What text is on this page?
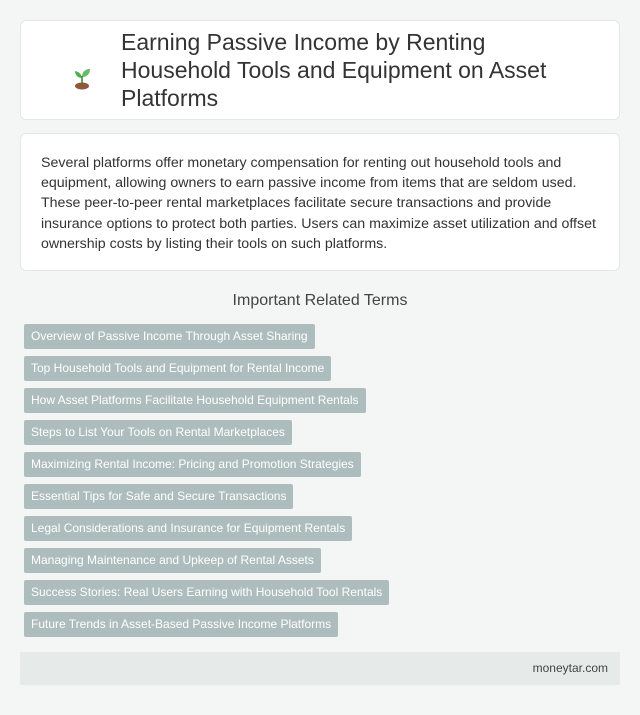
Earning Passive Income by Renting Household Tools and Equipment on Asset Platforms

Several platforms offer monetary compensation for renting out household tools and equipment, allowing owners to earn passive income from items that are seldom used. These peer-to-peer rental marketplaces facilitate secure transactions and provide insurance options to protect both parties. Users can maximize asset utilization and offset ownership costs by listing their tools on such platforms.

Important Related Terms
Overview of Passive Income Through Asset Sharing
Top Household Tools and Equipment for Rental Income
How Asset Platforms Facilitate Household Equipment Rentals
Steps to List Your Tools on Rental Marketplaces
Maximizing Rental Income: Pricing and Promotion Strategies
Essential Tips for Safe and Secure Transactions
Legal Considerations and Insurance for Equipment Rentals
Managing Maintenance and Upkeep of Rental Assets
Success Stories: Real Users Earning with Household Tool Rentals
Future Trends in Asset-Based Passive Income Platforms
moneytar.com
